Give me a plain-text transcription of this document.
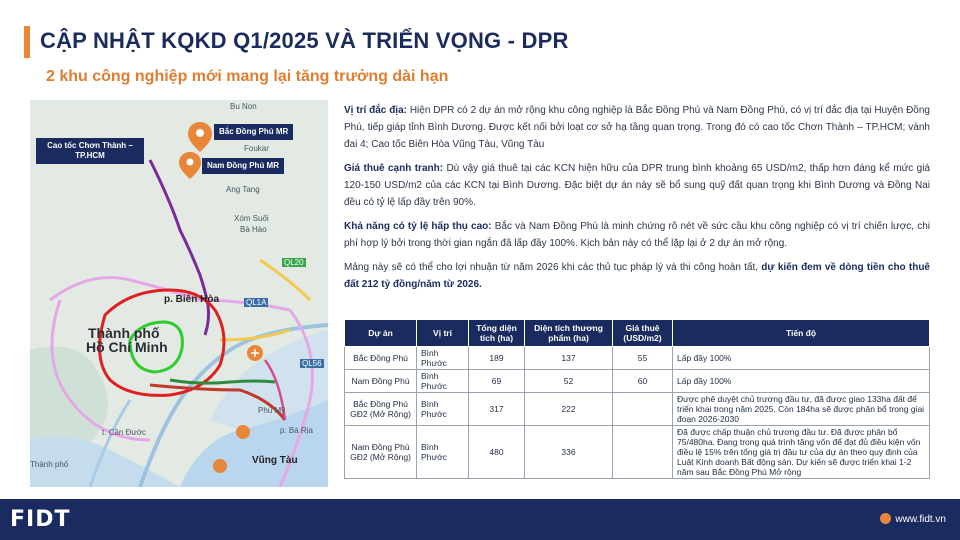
CẬP NHẬT KQKD Q1/2025 VÀ TRIỂN VỌNG - DPR
2 khu công nghiệp mới mang lại tăng trưởng dài hạn
Cao tốc Chơn Thành – TP.HCM
Bắc Đồng Phú MR
Nam Đồng Phú MR
Bu Non
Foukar
Ang Tang
Xóm Suối
Bà Hào
p. Biên Hòa
Thành phố
Hồ Chí Minh
t. Cần Đước
Phú Mỹ
p. Bà Rịa
Vũng Tàu
Thành phố
QL20
QL1A
QL56

Vị trí đắc địa: Hiện DPR có 2 dự án mở rộng khu công nghiệp là Bắc Đồng Phú và Nam Đồng Phú, có vị trí đắc địa tại Huyện Đồng Phú, tiếp giáp tỉnh Bình Dương. Được kết nối bởi loạt cơ sở hạ tầng quan trọng. Trong đó có cao tốc Chơn Thành – TP.HCM; vành đai 4; Cao tốc Biên Hòa Vũng Tàu, Vũng Tàu

Giá thuê cạnh tranh: Dù vậy giá thuê tại các KCN hiện hữu của DPR trung bình khoảng 65 USD/m2, thấp hơn đáng kể mức giá 120-150 USD/m2 của các KCN tại Bình Dương. Đặc biệt dự án này sẽ bổ sung quỹ đất quan trọng khi Bình Dương và Đồng Nai đều có tỷ lệ lấp đầy trên 90%.

Khả năng có tỷ lệ hấp thụ cao: Bắc và Nam Đồng Phú là minh chứng rõ nét về sức cầu khu công nghiệp có vị trí chiến lược, chi phí hợp lý bởi trong thời gian ngắn đã lấp đầy 100%. Kịch bản này có thể lặp lại ở 2 dự án mở rộng.

Mảng này sẽ có thể cho lợi nhuận từ năm 2026 khi các thủ tục pháp lý và thi công hoàn tất, dự kiến đem về dòng tiền cho thuê đất 212 tỷ đồng/năm từ 2026.

Dự án	Vị trí	Tổng diện tích (ha)	Diện tích thương phẩm (ha)	Giá thuê (USD/m2)	Tiến độ
Bắc Đồng Phú	Bình Phước	189	137	55	Lấp đầy 100%
Nam Đồng Phú	Bình Phước	69	52	60	Lấp đầy 100%
Bắc Đồng Phú GĐ2 (Mở Rộng)	Bình Phước	317	222		Được phê duyệt chủ trương đầu tư, đã được giao 133ha đất để triển khai trong năm 2025. Còn 184ha sẽ được phân bổ trong giai đoạn 2026-2030
Nam Đồng Phú GĐ2 (Mở Rộng)	Bình Phước	480	336		Đã được chấp thuận chủ trương đầu tư. Đã được phân bổ 75/480ha. Đang trong quá trình tăng vốn để đạt đủ điều kiện vốn điều lệ 15% trên tổng giá trị đầu tư của dự án theo quy định của Luật Kinh doanh Bất động sản. Dự kiến sẽ được triển khai 1-2 năm sau Bắc Đồng Phú Mở rộng
FIDT	www.fidt.vn
